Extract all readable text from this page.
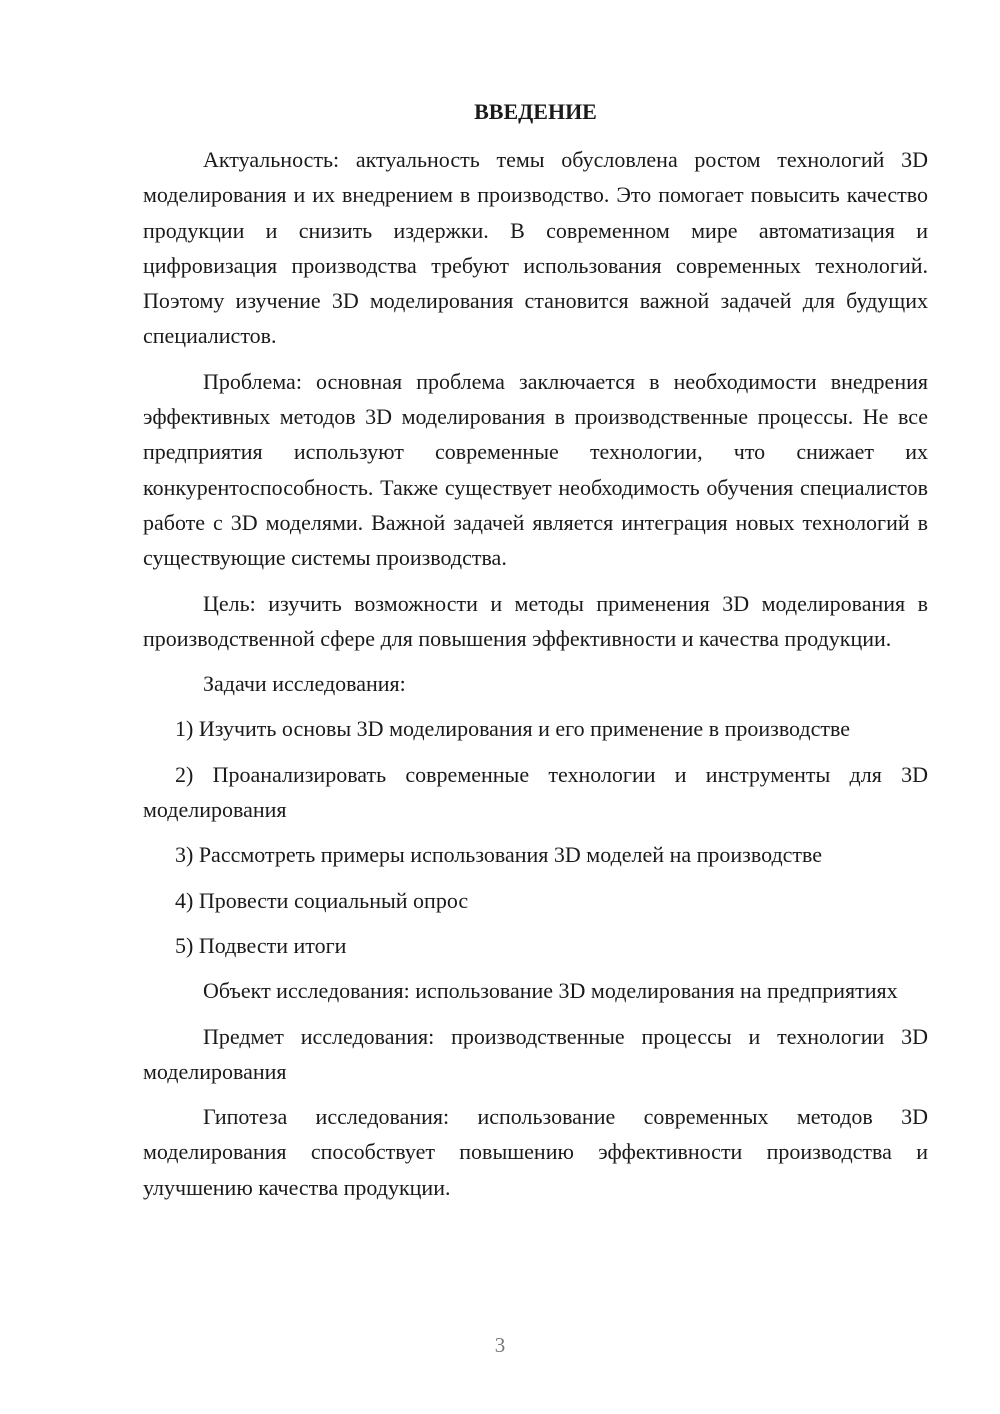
ВВЕДЕНИЕ

Актуальность: актуальность темы обусловлена ростом технологий 3D моделирования и их внедрением в производство. Это помогает повысить качество продукции и снизить издержки. В современном мире автоматизация и цифровизация производства требуют использования современных технологий. Поэтому изучение 3D моделирования становится важной задачей для будущих специалистов.

Проблема: основная проблема заключается в необходимости внедрения эффективных методов 3D моделирования в производственные процессы. Не все предприятия используют современные технологии, что снижает их конкурентоспособность. Также существует необходимость обучения специалистов работе с 3D моделями. Важной задачей является интеграция новых технологий в существующие системы производства.

Цель: изучить возможности и методы применения 3D моделирования в производственной сфере для повышения эффективности и качества продукции.

Задачи исследования:

1) Изучить основы 3D моделирования и его применение в производстве

2) Проанализировать современные технологии и инструменты для 3D моделирования

3) Рассмотреть примеры использования 3D моделей на производстве

4) Провести социальный опрос

5) Подвести итоги

Объект исследования: использование 3D моделирования на предприятиях

Предмет исследования: производственные процессы и технологии 3D моделирования

Гипотеза исследования: использование современных методов 3D моделирования способствует повышению эффективности производства и улучшению качества продукции.

3
